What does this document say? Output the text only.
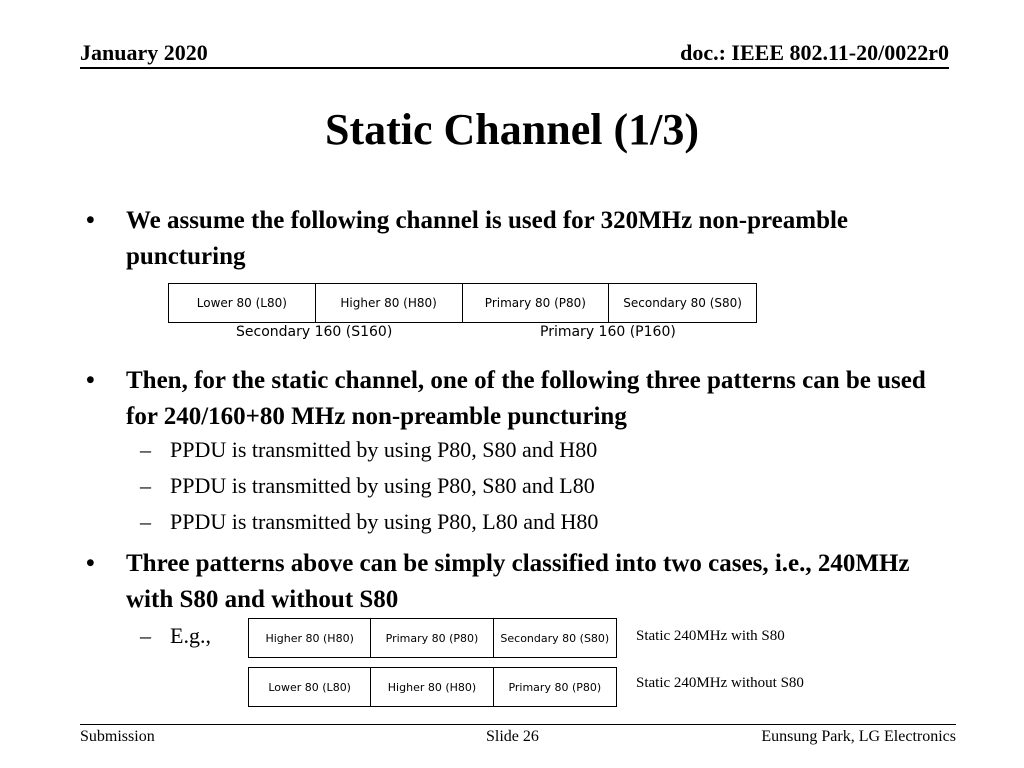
January 2020	doc.: IEEE 802.11-20/0022r0
Static Channel (1/3)
• We assume the following channel is used for 320MHz non-preamble puncturing
Lower 80 (L80)	Higher 80 (H80)	Primary 80 (P80)	Secondary 80 (S80)
Secondary 160 (S160)	Primary 160 (P160)
• Then, for the static channel, one of the following three patterns can be used for 240/160+80 MHz non-preamble puncturing
– PPDU is transmitted by using P80, S80 and H80
– PPDU is transmitted by using P80, S80 and L80
– PPDU is transmitted by using P80, L80 and H80
• Three patterns above can be simply classified into two cases, i.e., 240MHz with S80 and without S80
– E.g.,	Higher 80 (H80)	Primary 80 (P80)	Secondary 80 (S80)	Static 240MHz with S80
Lower 80 (L80)	Higher 80 (H80)	Primary 80 (P80)	Static 240MHz without S80
Submission	Slide 26	Eunsung Park, LG Electronics
